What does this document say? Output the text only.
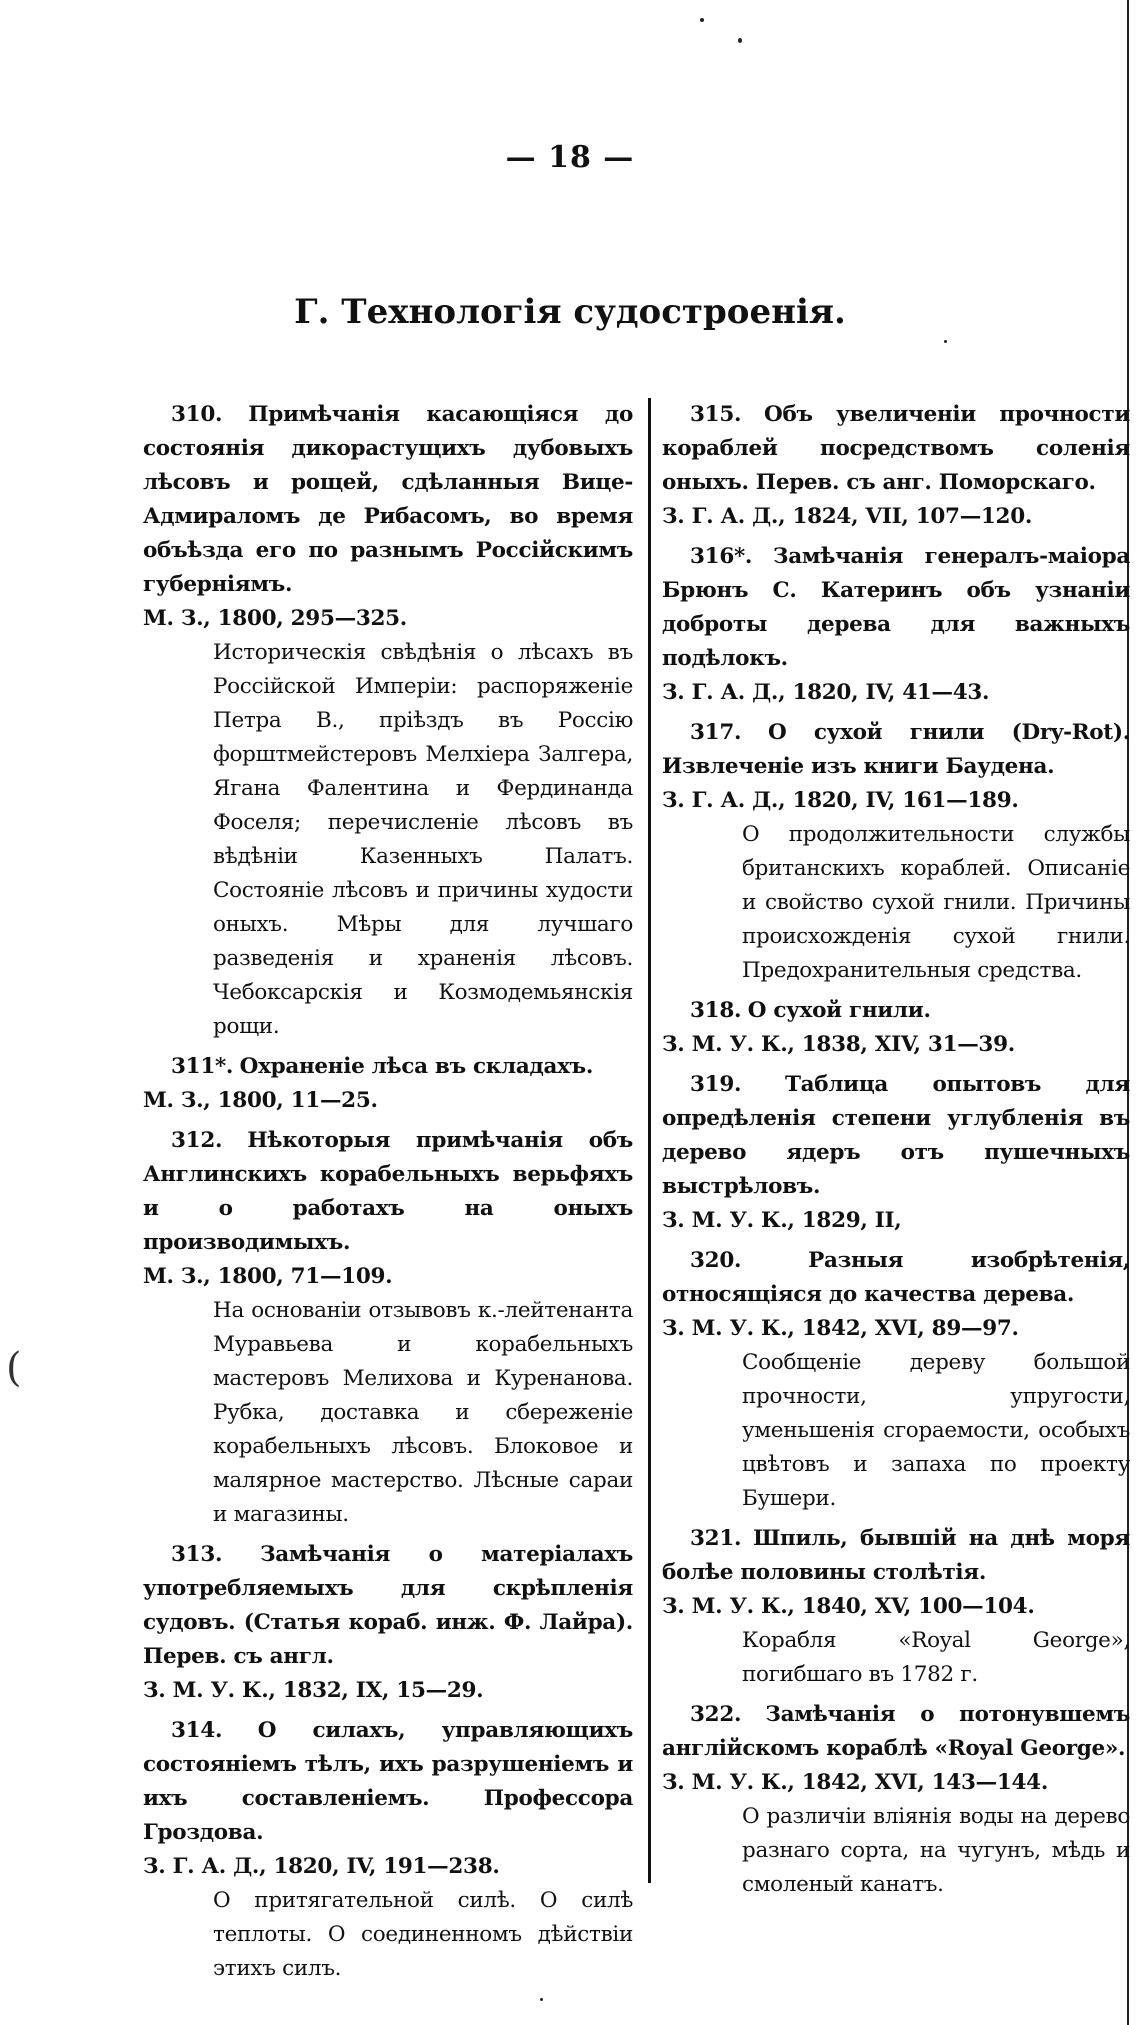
(
— 18 —
Г. Технологія судостроенія.

310. Примѣчанія касающіяся до состоянія дикорастущихъ дубовыхъ лѣсовъ и рощей, сдѣланныя Вице-Адмираломъ де Рибасомъ, во время объѣзда его по разнымъ Россійскимъ губерніямъ.

М. З., 1800, 295—325.

Историческія свѣдѣнія о лѣсахъ въ Россійской Имперіи: распоряженіе Петра В., пріѣздъ въ Россію форштмейстеровъ Мелхіера Залгера, Ягана Фалентина и Фердинанда Фоселя; перечисленіе лѣсовъ въ вѣдѣніи Казенныхъ Палатъ. Состояніе лѣсовъ и причины худости оныхъ. Мѣры для лучшаго разведенія и храненія лѣсовъ. Чебоксарскія и Козмодемьянскія рощи.

311*. Охраненіе лѣса въ складахъ.

М. З., 1800, 11—25.

312. Нѣкоторыя примѣчанія объ Англинскихъ корабельныхъ верьфяхъ и о работахъ на оныхъ производимыхъ.

М. З., 1800, 71—109.

На основаніи отзывовъ к.-лейтенанта Муравьева и корабельныхъ мастеровъ Мелихова и Куренанова. Рубка, доставка и сбереженіе корабельныхъ лѣсовъ. Блоковое и малярное мастерство. Лѣсные сараи и магазины.

313. Замѣчанія о матеріалахъ употребляемыхъ для скрѣпленія судовъ. (Статья кораб. инж. Ф. Лайра). Перев. съ англ.

З. М. У. К., 1832, IX, 15—29.

314. О силахъ, управляющихъ состояніемъ тѣлъ, ихъ разрушеніемъ и ихъ составленіемъ. Профессора Гроздова.

З. Г. А. Д., 1820, IV, 191—238.

О притягательной силѣ. О силѣ теплоты. О соединенномъ дѣйствіи этихъ силъ.

315. Объ увеличеніи прочности кораблей посредствомъ соленія оныхъ. Перев. съ анг. Поморскаго.

З. Г. А. Д., 1824, VII, 107—120.

316*. Замѣчанія генералъ-маіора Брюнъ С. Катеринъ объ узнаніи доброты дерева для важныхъ подѣлокъ.

З. Г. А. Д., 1820, IV, 41—43.

317. О сухой гнили (Dry-Rot). Извлеченіе изъ книги Баудена.

З. Г. А. Д., 1820, IV, 161—189.

О продолжительности службы британскихъ кораблей. Описаніе и свойство сухой гнили. Причины происхожденія сухой гнили. Предохранительныя средства.

318. О сухой гнили.

З. М. У. К., 1838, XIV, 31—39.

319. Таблица опытовъ для опредѣленія степени углубленія въ дерево ядеръ отъ пушечныхъ выстрѣловъ.

З. М. У. К., 1829, II,

320.	Разныя изобрѣтенія, относящіяся до качества дерева.

З. М. У. К., 1842, XVI, 89—97.

Сообщеніе дереву большой прочности, упругости, уменьшенія сгораемости, особыхъ цвѣтовъ и запаха по проекту Бушери.

321. Шпиль, бывшій на днѣ моря болѣе половины столѣтія.

З. М. У. К., 1840, XV, 100—104.

Корабля «Royal George», погибшаго въ 1782 г.

322. Замѣчанія о потонувшемъ англійскомъ кораблѣ «Royal George».

З. М. У. К., 1842, XVI, 143—144.

О различіи вліянія воды на дерево разнаго сорта, на чугунъ, мѣдь и смоленый канатъ.
